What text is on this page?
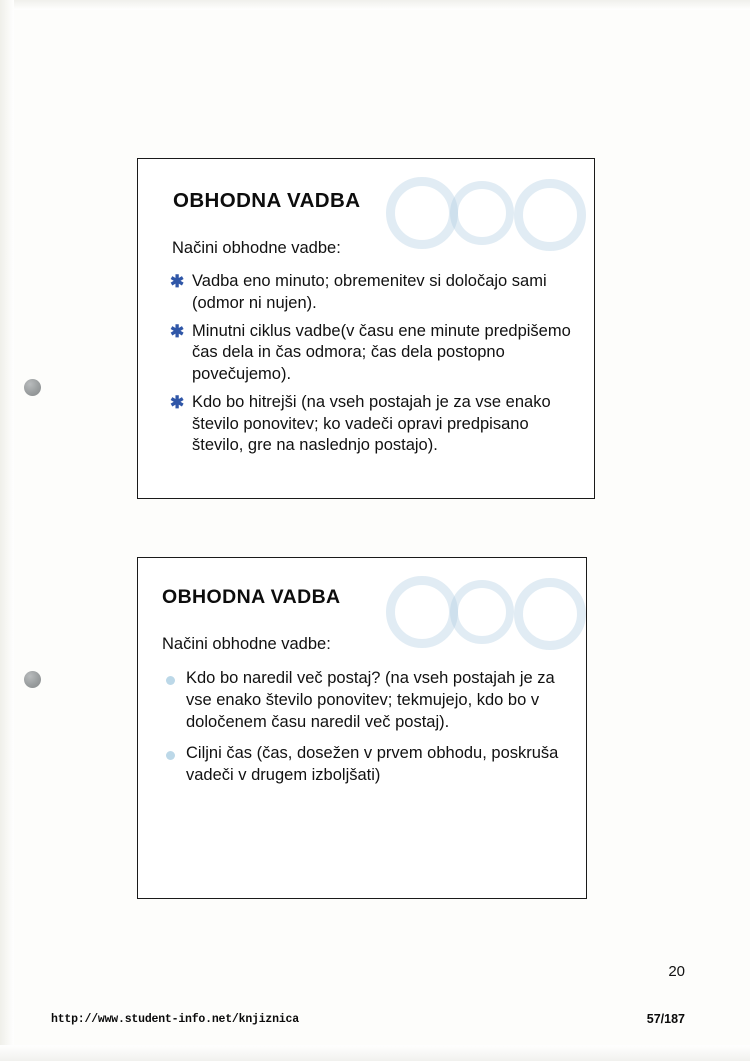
OBHODNA VADBA
Načini obhodne vadbe:
✱ Vadba eno minuto; obremenitev si določajo sami (odmor ni nujen).
✱ Minutni ciklus vadbe(v času ene minute predpišemo čas dela in čas odmora; čas dela postopno povečujemo).
✱ Kdo bo hitrejši (na vseh postajah je za vse enako število ponovitev; ko vadeči opravi predpisano število, gre na naslednjo postajo).
OBHODNA VADBA
Načini obhodne vadbe:
Kdo bo naredil več postaj? (na vseh postajah je za vse enako število ponovitev; tekmujejo, kdo bo v določenem času naredil več postaj).
Ciljni čas (čas, dosežen v prvem obhodu, poskruša vadeči v drugem izboljšati)
20
http://www.student-info.net/knjiznica	57/187
